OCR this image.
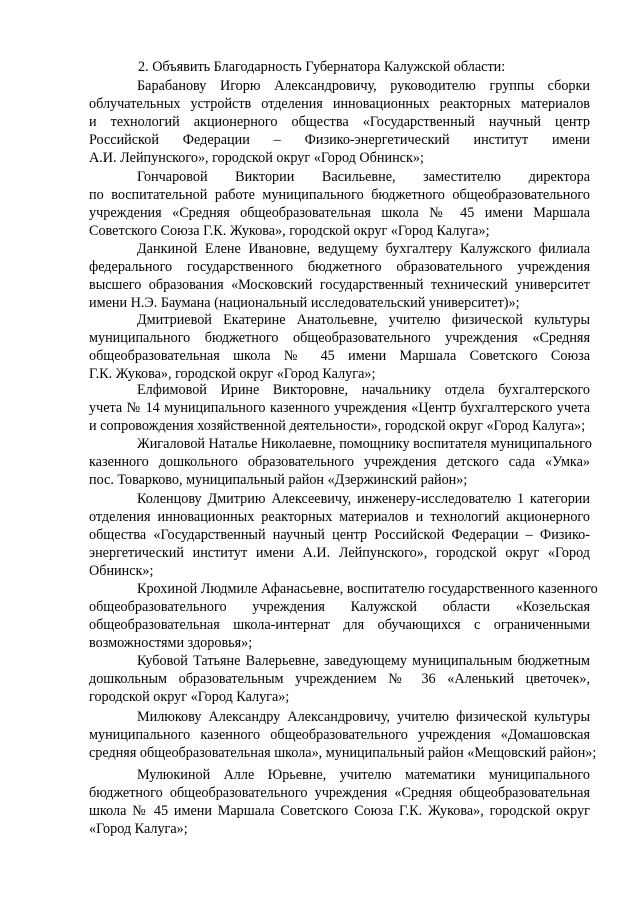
2. Объявить Благодарность Губернатора Калужской области:
Барабанову Игорю Александровичу, руководителю группы сборки
облучательных устройств отделения инновационных реакторных материалов
и технологий акционерного общества «Государственный научный центр
Российской Федерации – Физико-энергетический институт имени
А.И. Лейпунского», городской округ «Город Обнинск»;
Гончаровой Виктории Васильевне, заместителю директора
по воспитательной работе муниципального бюджетного общеобразовательного
учреждения «Средняя общеобразовательная школа № 45 имени Маршала
Советского Союза Г.К. Жукова», городской округ «Город Калуга»;
Данкиной Елене Ивановне, ведущему бухгалтеру Калужского филиала
федерального государственного бюджетного образовательного учреждения
высшего образования «Московский государственный технический университет
имени Н.Э. Баумана (национальный исследовательский университет)»;
Дмитриевой Екатерине Анатольевне, учителю физической культуры
муниципального бюджетного общеобразовательного учреждения «Средняя
общеобразовательная школа № 45 имени Маршала Советского Союза
Г.К. Жукова», городской округ «Город Калуга»;
Елфимовой Ирине Викторовне, начальнику отдела бухгалтерского
учета № 14 муниципального казенного учреждения «Центр бухгалтерского учета
и сопровождения хозяйственной деятельности», городской округ «Город Калуга»;
Жигаловой Наталье Николаевне, помощнику воспитателя муниципального
казенного дошкольного образовательного учреждения детского сада «Умка»
пос. Товарково, муниципальный район «Дзержинский район»;
Коленцову Дмитрию Алексеевичу, инженеру-исследователю 1 категории
отделения инновационных реакторных материалов и технологий акционерного
общества «Государственный научный центр Российской Федерации – Физико-
энергетический институт имени А.И. Лейпунского», городской округ «Город
Обнинск»;
Крохиной Людмиле Афанасьевне, воспитателю государственного казенного
общеобразовательного учреждения Калужской области «Козельская
общеобразовательная школа-интернат для обучающихся с ограниченными
возможностями здоровья»;
Кубовой Татьяне Валерьевне, заведующему муниципальным бюджетным
дошкольным образовательным учреждением № 36 «Аленький цветочек»,
городской округ «Город Калуга»;
Милюкову Александру Александровичу, учителю физической культуры
муниципального казенного общеобразовательного учреждения «Домашовская
средняя общеобразовательная школа», муниципальный район «Мещовский район»;
Мулюкиной Алле Юрьевне, учителю математики муниципального
бюджетного общеобразовательного учреждения «Средняя общеобразовательная
школа № 45 имени Маршала Советского Союза Г.К. Жукова», городской округ
«Город Калуга»;
